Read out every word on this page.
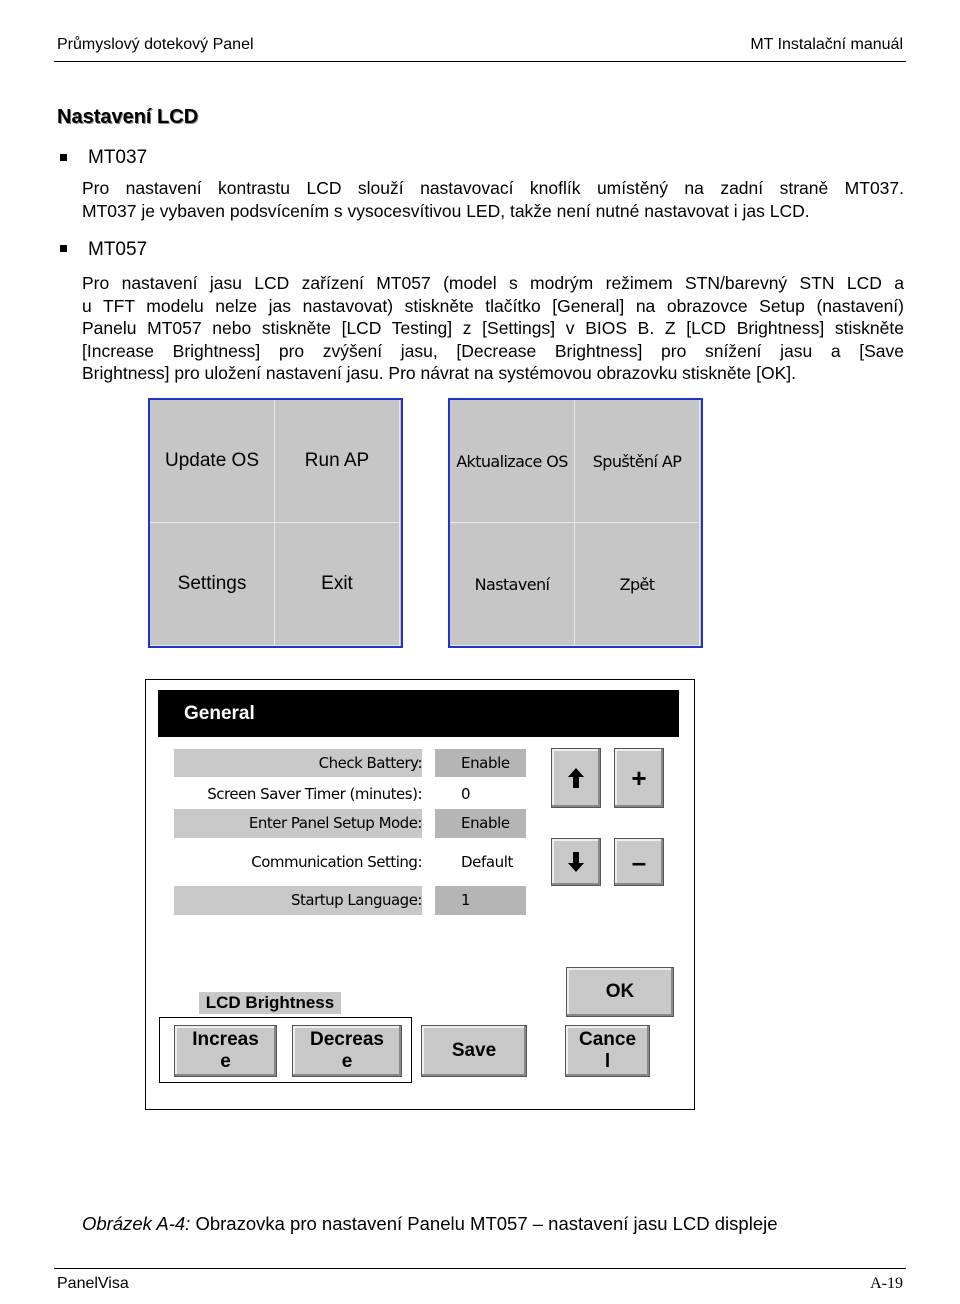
Průmyslový dotekový Panel	MT Instalační manuál
Nastavení LCD
MT037
Pro nastavení kontrastu LCD slouží nastavovací knoflík umístěný na zadní straně MT037.
MT037 je vybaven podsvícením s vysocesvítivou LED, takže není nutné nastavovat i jas LCD.
MT057
Pro nastavení jasu LCD zařízení MT057 (model s modrým režimem STN/barevný STN LCD a
u TFT modelu nelze jas nastavovat) stiskněte tlačítko [General] na obrazovce Setup (nastavení)
Panelu MT057 nebo stiskněte [LCD Testing] z [Settings] v BIOS B. Z [LCD Brightness] stiskněte
[Increase Brightness] pro zvýšení jasu, [Decrease Brightness] pro snížení jasu a [Save
Brightness] pro uložení nastavení jasu. Pro návrat na systémovou obrazovku stiskněte [OK].
Update OS	Run AP
Settings	Exit
Aktualizace OS	Spuštění AP
Nastavení	Zpět
General
Check Battery:	Enable
Screen Saver Timer (minutes):	0
Enter Panel Setup Mode:	Enable
Communication Setting:	Default
Startup Language:	1
+
–
OK
LCD Brightness
Increas
e
Decreas
e
Save
Cance
l
Obrázek A-4: Obrazovka pro nastavení Panelu MT057 – nastavení jasu LCD displeje
PanelVisa	A-19
